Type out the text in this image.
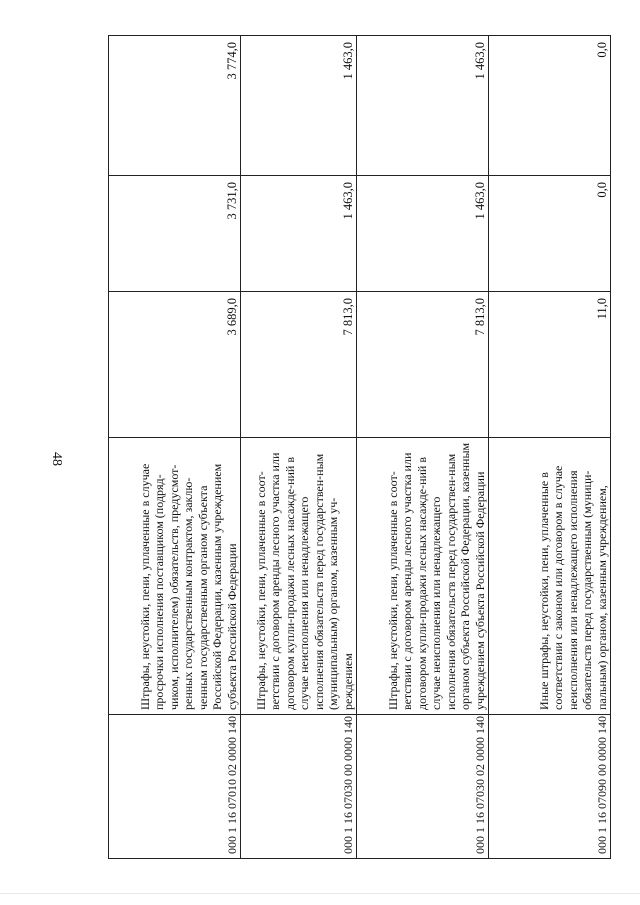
48
000 1 16 07010 02 0000 140	Штрафы, неустойки, пени, уплаченные в случае просрочки исполнения поставщиком (подряд-чиком, исполнителем) обязательств, предусмот-ренных государственным контрактом, заклю-ченным государственным органом субъекта Российской Федерации, казенным учреждением субъекта Российской Федерации	3 689,0	3 731,0	3 774,0
000 1 16 07030 00 0000 140	Штрафы, неустойки, пени, уплаченные в соот-ветствии с договором аренды лесного участка или договором купли-продажи лесных насажде-ний в случае неисполнения или ненадлежащего исполнения обязательств перед государствен-ным (муниципальным) органом, казенным уч-реждением	7 813,0	1 463,0	1 463,0
000 1 16 07030 02 0000 140	Штрафы, неустойки, пени, уплаченные в соот-ветствии с договором аренды лесного участка или договором купли-продажи лесных насажде-ний в случае неисполнения или ненадлежащего исполнения обязательств перед государствен-ным органом субъекта Российской Федерации, казенным учреждением субъекта Российской Федерации	7 813,0	1 463,0	1 463,0
000 1 16 07090 00 0000 140	Иные штрафы, неустойки, пени, уплаченные в соответствии с законом или договором в случае неисполнения или ненадлежащего исполнения обязательств перед государственным (муници-пальным) органом, казенным учреждением,	11,0	0,0	0,0
